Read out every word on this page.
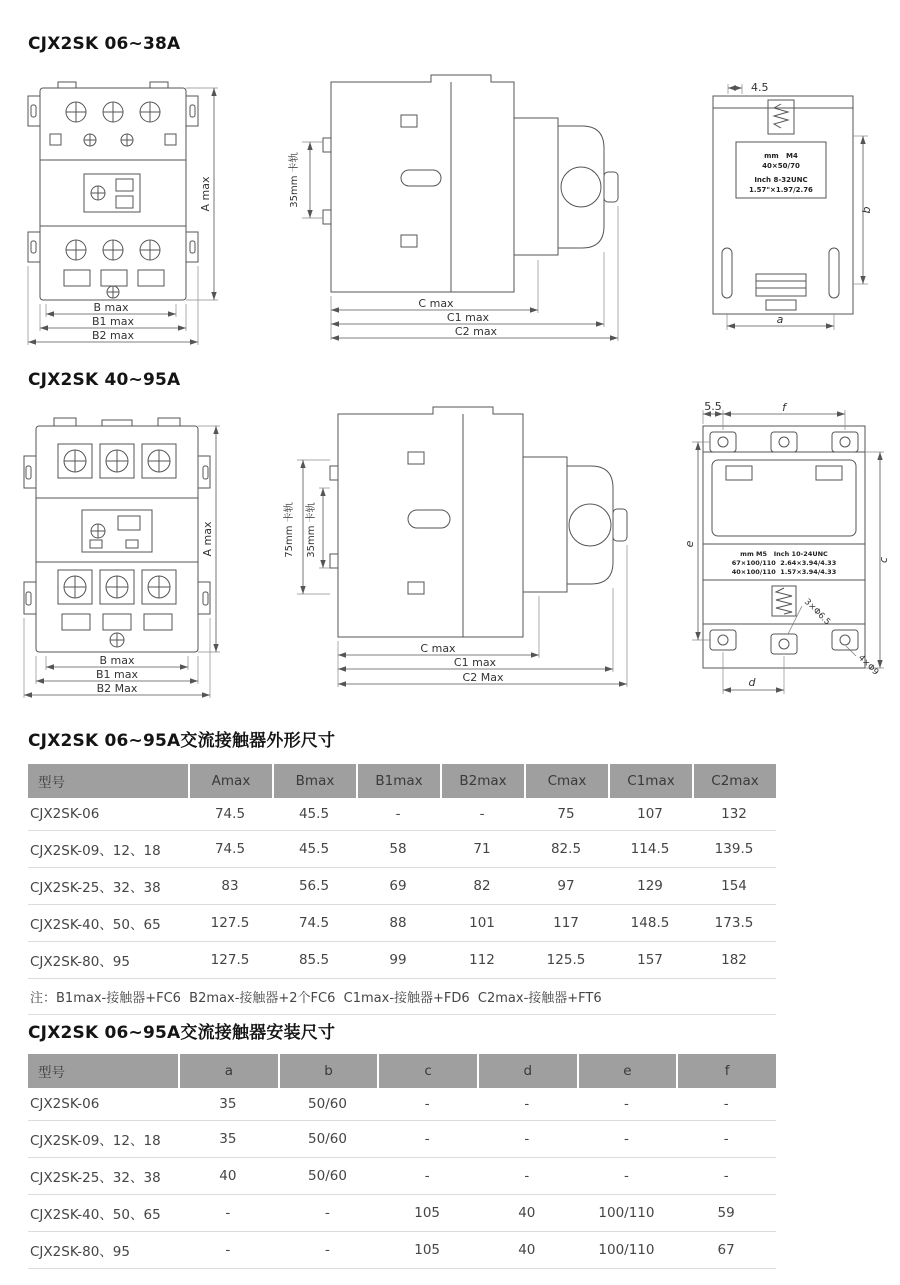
CJX2SK 06~38A
CJX2SK 40~95A
CJX2SK 06~95A交流接触器外形尺寸
CJX2SK 06~95A交流接触器安装尺寸
A max
B max
B1 max
B2 max
35mm 卡轨
C max
C1 max
C2 max
mm   M4
40×50/70
Inch 8-32UNC
1.57"×1.97/2.76
4.5
b
a
A max
B max
B1 max
B2 Max
75mm 卡轨 35mm 卡轨
C max
C1 max
C2 Max
mm M5   Inch 10-24UNC
67×100/110  2.64×3.94/4.33
40×100/110  1.57×3.94/4.33
5.5	f
e
c
d
3×Φ6.5
4×Φ9
型号	Amax	Bmax	B1max	B2max	Cmax	C1max	C2max
CJX2SK-06	74.5	45.5	-	-	75	107	132
CJX2SK-09、12、18	74.5	45.5	58	71	82.5	114.5	139.5
CJX2SK-25、32、38	83	56.5	69	82	97	129	154
CJX2SK-40、50、65	127.5	74.5	88	101	117	148.5	173.5
CJX2SK-80、95	127.5	85.5	99	112	125.5	157	182
注：B1max-接触器+FC6  B2max-接触器+2个FC6  C1max-接触器+FD6  C2max-接触器+FT6							
型号	a	b	c	d	e	f
CJX2SK-06	35	50/60	-	-	-	-
CJX2SK-09、12、18	35	50/60	-	-	-	-
CJX2SK-25、32、38	40	50/60	-	-	-	-
CJX2SK-40、50、65	-	-	105	40	100/110	59
CJX2SK-80、95	-	-	105	40	100/110	67
